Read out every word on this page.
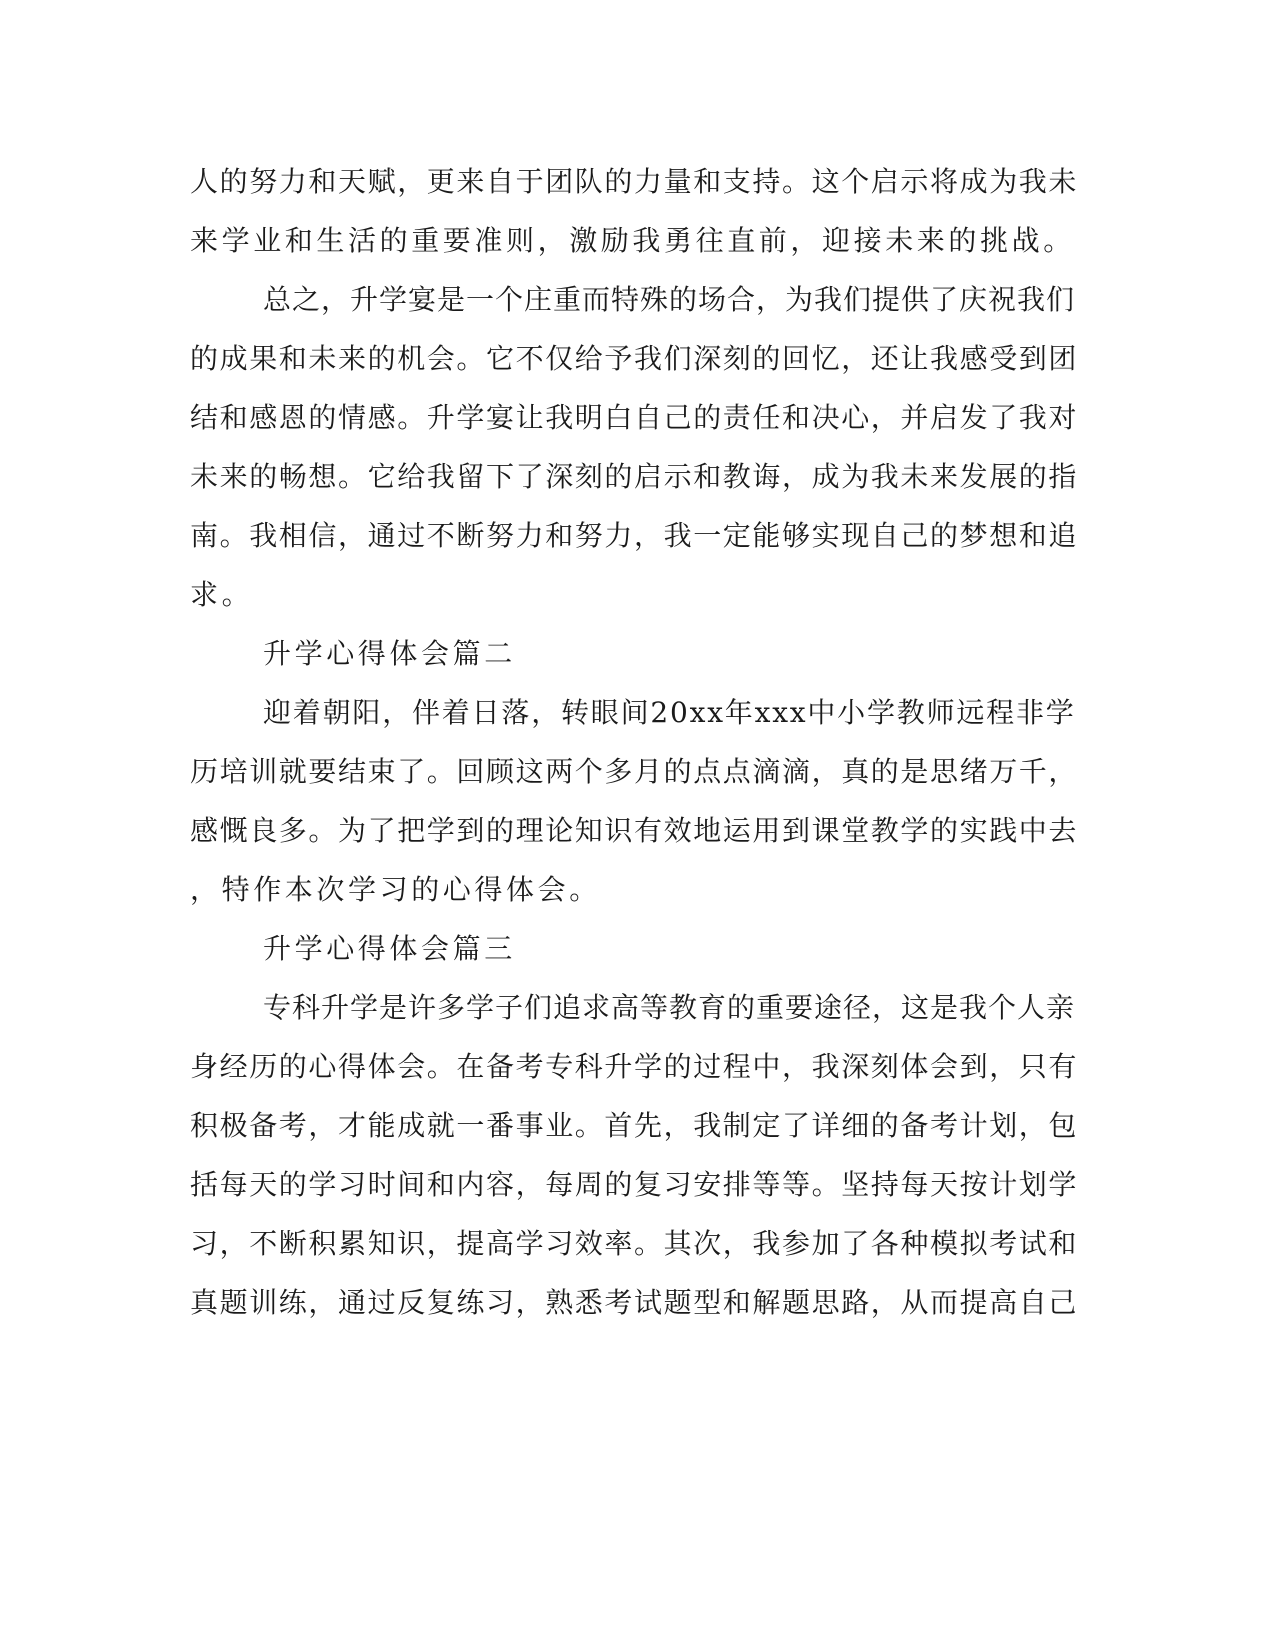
人的努力和天赋，更来自于团队的力量和支持。这个启示将成为我未

来学业和生活的重要准则，激励我勇往直前，迎接未来的挑战。

总之，升学宴是一个庄重而特殊的场合，为我们提供了庆祝我们

的成果和未来的机会。它不仅给予我们深刻的回忆，还让我感受到团

结和感恩的情感。升学宴让我明白自己的责任和决心，并启发了我对

未来的畅想。它给我留下了深刻的启示和教诲，成为我未来发展的指

南。我相信，通过不断努力和努力，我一定能够实现自己的梦想和追

求。

升学心得体会篇二

迎着朝阳，伴着日落，转眼间20xx年xxx中小学教师远程非学

历培训就要结束了。回顾这两个多月的点点滴滴，真的是思绪万千，

感慨良多。为了把学到的理论知识有效地运用到课堂教学的实践中去

，特作本次学习的心得体会。

升学心得体会篇三

专科升学是许多学子们追求高等教育的重要途径，这是我个人亲

身经历的心得体会。在备考专科升学的过程中，我深刻体会到，只有

积极备考，才能成就一番事业。首先，我制定了详细的备考计划，包

括每天的学习时间和内容，每周的复习安排等等。坚持每天按计划学

习，不断积累知识，提高学习效率。其次，我参加了各种模拟考试和

真题训练，通过反复练习，熟悉考试题型和解题思路，从而提高自己
